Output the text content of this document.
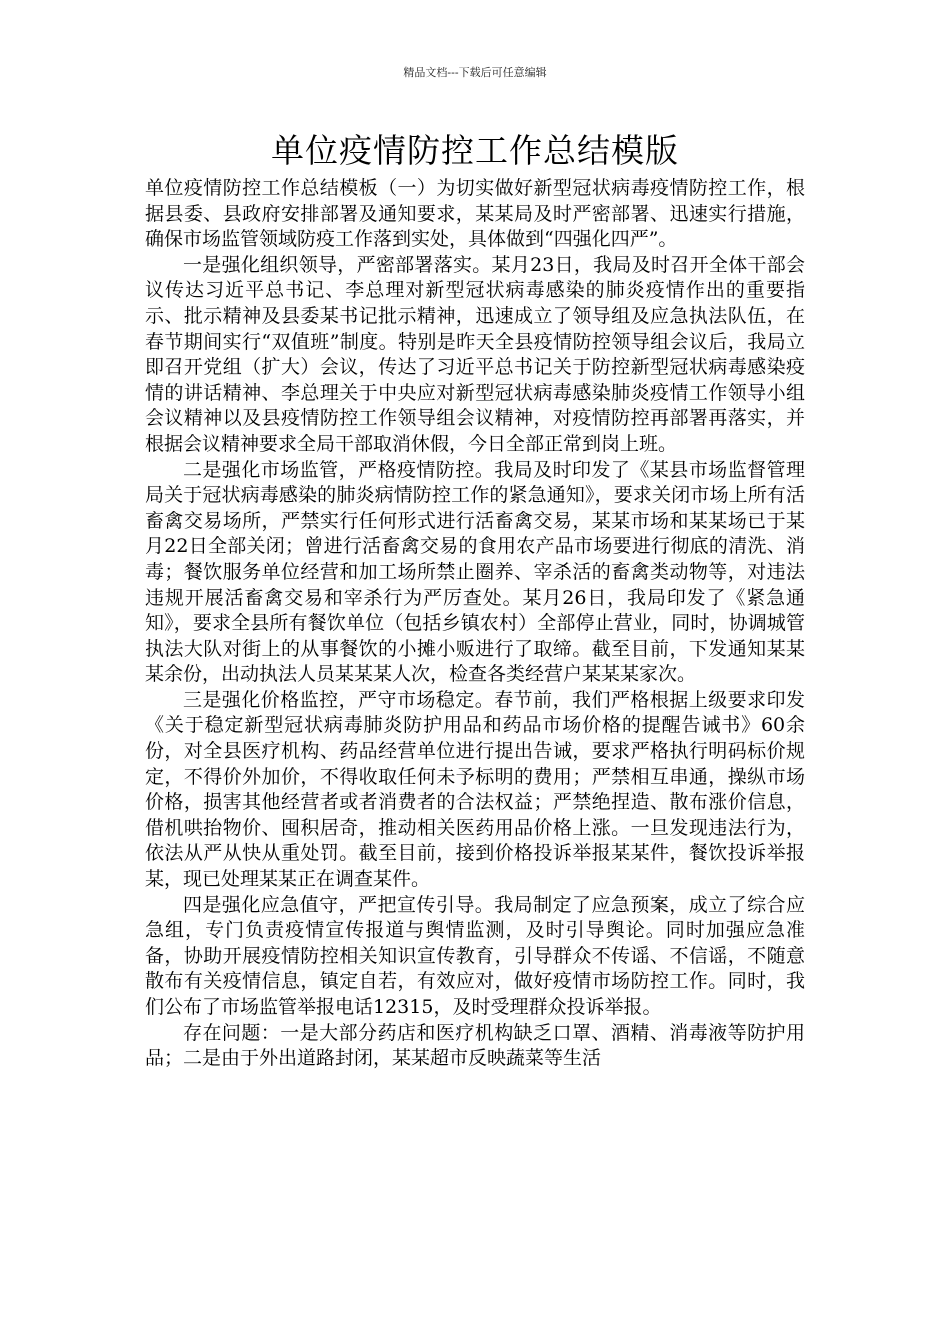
精品文档---下载后可任意编辑
单位疫情防控工作总结模版

单位疫情防控工作总结模板（一）为切实做好新型冠状病毒疫情防控工作，根据县委、县政府安排部署及通知要求，某某局及时严密部署、迅速实行措施，确保市场监管领域防疫工作落到实处，具体做到“四强化四严”。

一是强化组织领导，严密部署落实。某月23日，我局及时召开全体干部会议传达习近平总书记、李总理对新型冠状病毒感染的肺炎疫情作出的重要指示、批示精神及县委某书记批示精神，迅速成立了领导组及应急执法队伍，在春节期间实行“双值班”制度。特别是昨天全县疫情防控领导组会议后，我局立即召开党组（扩大）会议，传达了习近平总书记关于防控新型冠状病毒感染疫情的讲话精神、李总理关于中央应对新型冠状病毒感染肺炎疫情工作领导小组会议精神以及县疫情防控工作领导组会议精神，对疫情防控再部署再落实，并根据会议精神要求全局干部取消休假，今日全部正常到岗上班。

二是强化市场监管，严格疫情防控。我局及时印发了《某县市场监督管理局关于冠状病毒感染的肺炎病情防控工作的紧急通知》，要求关闭市场上所有活畜禽交易场所，严禁实行任何形式进行活畜禽交易，某某市场和某某场已于某月22日全部关闭；曾进行活畜禽交易的食用农产品市场要进行彻底的清洗、消毒；餐饮服务单位经营和加工场所禁止圈养、宰杀活的畜禽类动物等，对违法违规开展活畜禽交易和宰杀行为严厉查处。某月26日，我局印发了《紧急通知》，要求全县所有餐饮单位（包括乡镇农村）全部停止营业，同时，协调城管执法大队对街上的从事餐饮的小摊小贩进行了取缔。截至目前，下发通知某某某余份，出动执法人员某某某人次，检查各类经营户某某某家次。

三是强化价格监控，严守市场稳定。春节前，我们严格根据上级要求印发《关于稳定新型冠状病毒肺炎防护用品和药品市场价格的提醒告诫书》60余份，对全县医疗机构、药品经营单位进行提出告诫，要求严格执行明码标价规定，不得价外加价，不得收取任何未予标明的费用；严禁相互串通，操纵市场价格，损害其他经营者或者消费者的合法权益；严禁绝捏造、散布涨价信息，借机哄抬物价、囤积居奇，推动相关医药用品价格上涨。一旦发现违法行为，依法从严从快从重处罚。截至目前，接到价格投诉举报某某件，餐饮投诉举报某，现已处理某某正在调查某件。

四是强化应急值守，严把宣传引导。我局制定了应急预案，成立了综合应急组，专门负责疫情宣传报道与舆情监测，及时引导舆论。同时加强应急准备，协助开展疫情防控相关知识宣传教育，引导群众不传谣、不信谣，不随意散布有关疫情信息，镇定自若，有效应对，做好疫情市场防控工作。同时，我们公布了市场监管举报电话12315，及时受理群众投诉举报。

存在问题：一是大部分药店和医疗机构缺乏口罩、酒精、消毒液等防护用品；二是由于外出道路封闭，某某超市反映蔬菜等生活
